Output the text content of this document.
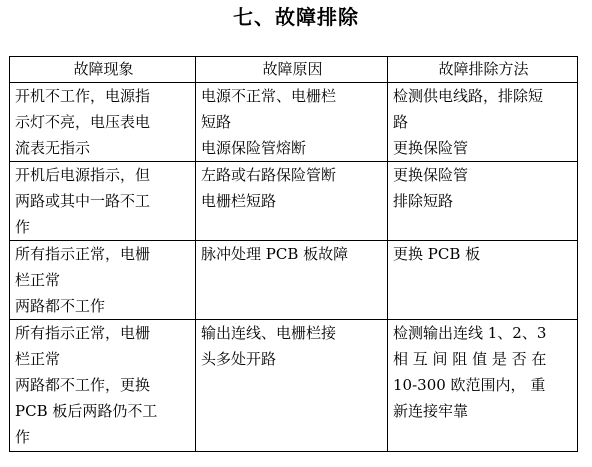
七、故障排除
故障现象	故障原因	故障排除方法

开机不工作，电源指
示灯不亮，电压表电
流表无指示	电源不正常、电栅栏
短路
电源保险管熔断	检测供电线路，排除短
路
更换保险管

开机后电源指示，但
两路或其中一路不工
作	左路或右路保险管断
电栅栏短路	更换保险管
排除短路

所有指示正常，电栅
栏正常
两路都不工作	脉冲处理 PCB 板故障	更换 PCB 板

所有指示正常，电栅
栏正常
两路都不工作，更换
PCB 板后两路仍不工
作	输出连线、电栅栏接
头多处开路	检测输出连线 1、2、3
相 互 间 阻 值 是 否 在
10-300 欧范围内， 重
新连接牢靠
